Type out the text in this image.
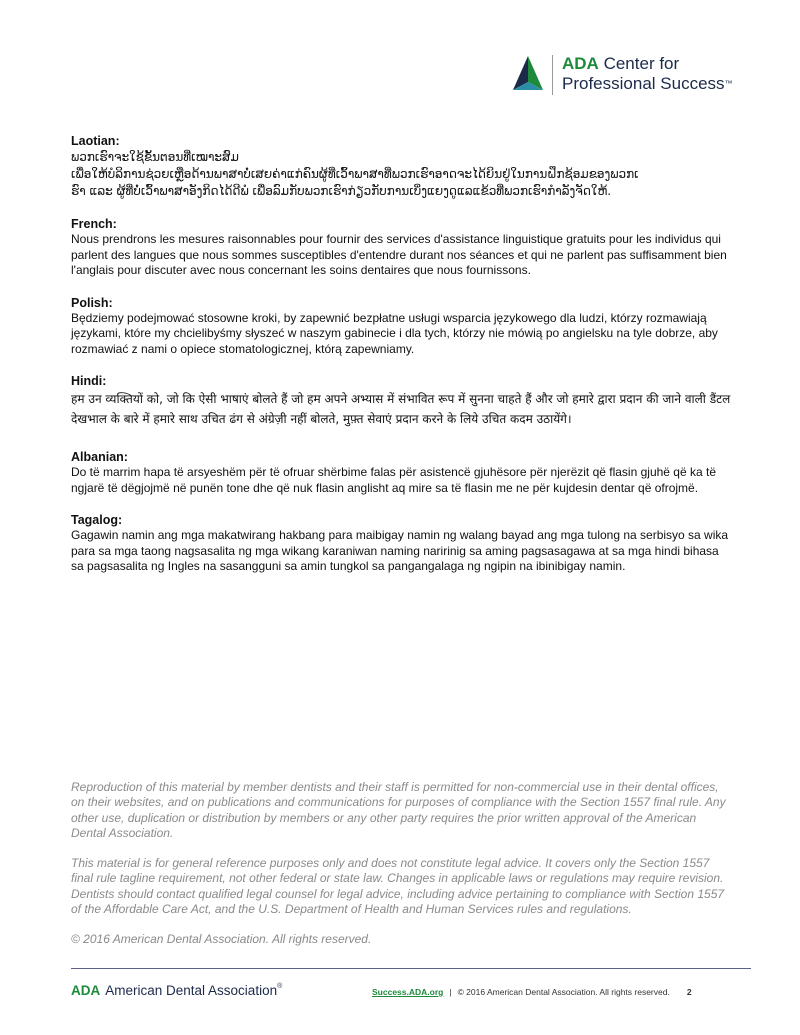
ADA Center for
Professional Success™
Laotian:

ພວກເຮົາຈະໃຊ້ຂັ້ນຕອນທີ່ເໝາະສົມ

ເພື່ອໃຫ້ບໍລິການຊ່ວຍເຫຼືອດ້ານພາສາບໍ່ເສຍຄ່າແກ່ຄົນຜູ້ທີ່ເວົ້າພາສາທີ່ພວກເຮົາອາດຈະໄດ້ຍິນຢູ່ໃນການຝຶກຊ້ອມຂອງພວກເ

ຮົາ ແລະ ຜູ້ທີ່ບໍ່ເວົ້າພາສາອັງກິດໄດ້ດີພໍ ເພື່ອລົມກັບພວກເຮົາກ່ຽວກັບການເບິ່ງແຍງດູແລແຂ້ວທີ່ພວກເຮົາກຳລັງຈັດໃຫ້.

French:

Nous prendrons les mesures raisonnables pour fournir des services d'assistance linguistique gratuits pour les individus qui parlent des langues que nous sommes susceptibles d'entendre durant nos séances et qui ne parlent pas suffisamment bien l'anglais pour discuter avec nous concernant les soins dentaires que nous fournissons.

Polish:

Będziemy podejmować stosowne kroki, by zapewnić bezpłatne usługi wsparcia językowego dla ludzi, którzy rozmawiają językami, które my chcielibyśmy słyszeć w naszym gabinecie i dla tych, którzy nie mówią po angielsku na tyle dobrze, aby rozmawiać z nami o opiece stomatologicznej, którą zapewniamy.

Hindi:

हम उन व्यक्तियों को, जो कि ऐसी भाषाएं बोलते हैं जो हम अपने अभ्यास में संभावित रूप में सुनना चाहते हैं और जो हमारे द्वारा प्रदान की जाने वाली डैंटल देखभाल के बारे में हमारे साथ उचित ढंग से अंग्रेज़ी नहीं बोलते, मुफ़्त सेवाएं प्रदान करने के लिये उचित कदम उठायेंगे।

Albanian:

Do të marrim hapa të arsyeshëm për të ofruar shërbime falas për asistencë gjuhësore për njerëzit që flasin gjuhë që ka të ngjarë të dëgjojmë në punën tone dhe që nuk flasin anglisht aq mire sa të flasin me ne për kujdesin dentar që ofrojmë.

Tagalog:

Gagawin namin ang mga makatwirang hakbang para maibigay namin ng walang bayad ang mga tulong na serbisyo sa wika para sa mga taong nagsasalita ng mga wikang karaniwan naming naririnig sa aming pagsasagawa at sa mga hindi bihasa sa pagsasalita ng Ingles na sasangguni sa amin tungkol sa pangangalaga ng ngipin na ibinibigay namin.

Reproduction of this material by member dentists and their staff is permitted for non-commercial use in their dental offices, on their websites, and on publications and communications for purposes of compliance with the Section 1557 final rule. Any other use, duplication or distribution by members or any other party requires the prior written approval of the American Dental Association.

This material is for general reference purposes only and does not constitute legal advice. It covers only the Section 1557 final rule tagline requirement, not other federal or state law. Changes in applicable laws or regulations may require revision. Dentists should contact qualified legal counsel for legal advice, including advice pertaining to compliance with Section 1557 of the Affordable Care Act, and the U.S. Department of Health and Human Services rules and regulations.

© 2016 American Dental Association. All rights reserved.

ADA American Dental Association®
Success.ADA.org | © 2016 American Dental Association. All rights reserved. 2
